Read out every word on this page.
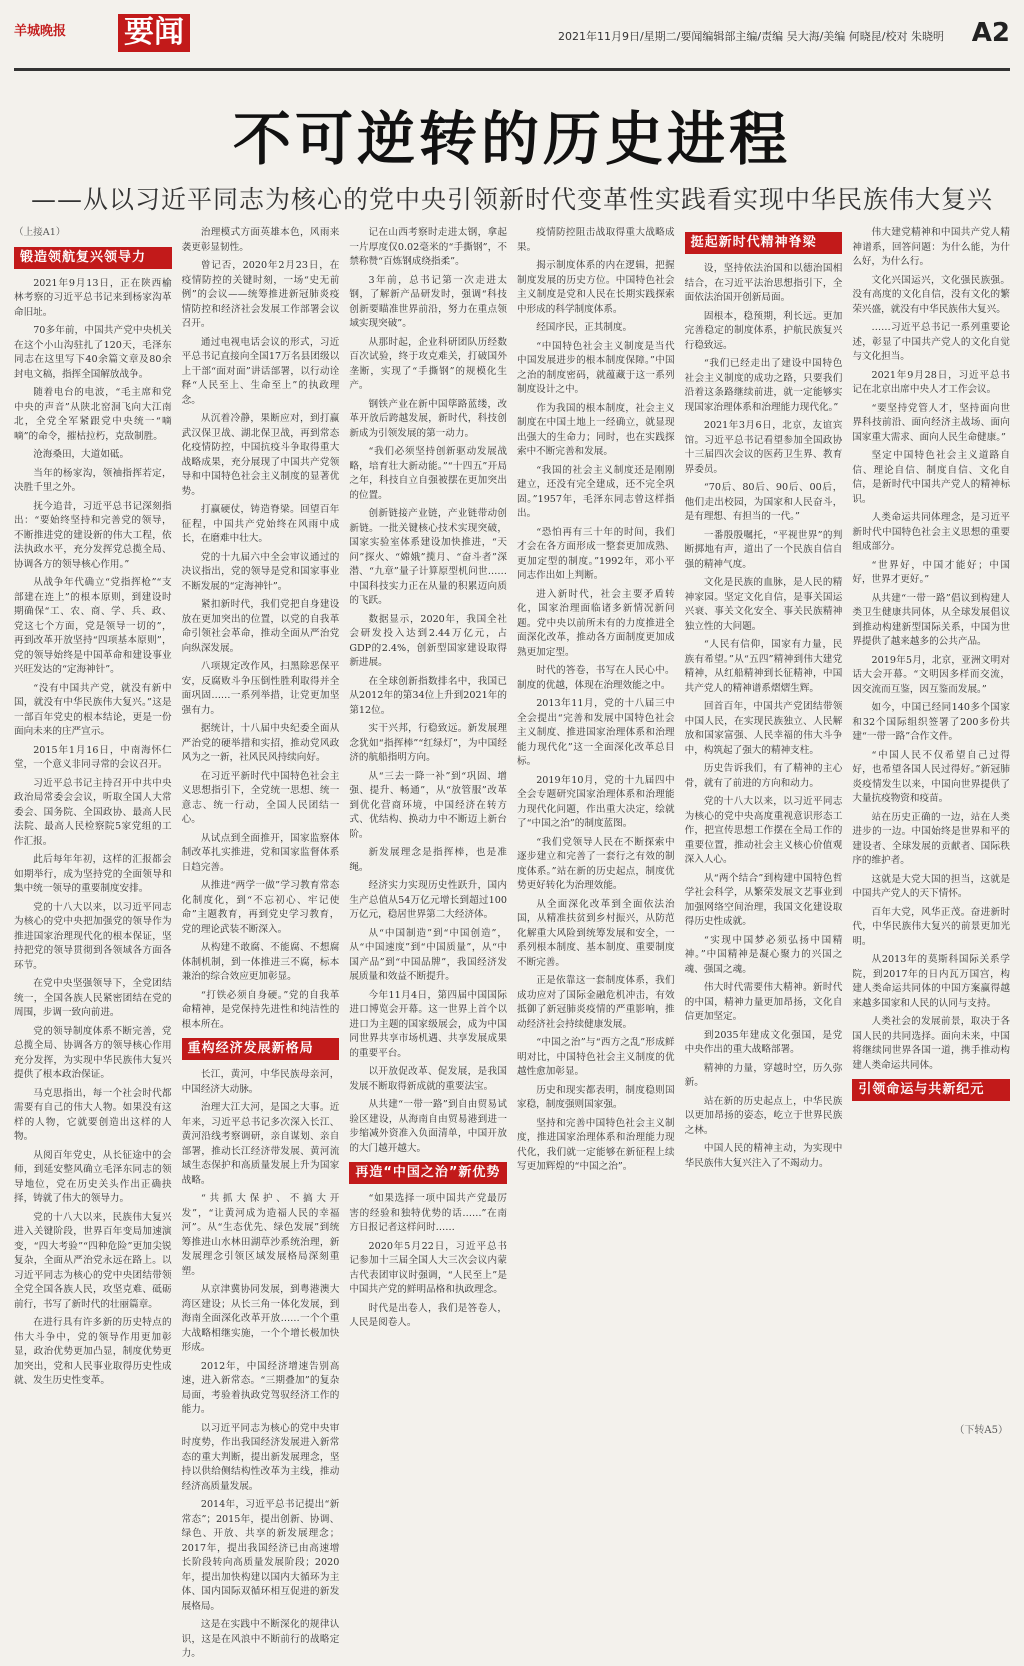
羊城晚报 要闻	2021年11月9日/星期二/要闻编辑部主编/责编 吴大海/美编 何晓昆/校对 朱晓明 A2
不可逆转的历史进程
——从以习近平同志为核心的党中央引领新时代变革性实践看实现中华民族伟大复兴

（上接A1）

锻造领航复兴领导力

2021年9月13日，正在陕西榆林考察的习近平总书记来到杨家沟革命旧址。

70多年前，中国共产党中央机关在这个小山沟驻扎了120天，毛泽东同志在这里写下40余篇文章及80余封电文稿，指挥全国解放战争。

随着电台的电波，“毛主席和党中央的声音”从陕北窑洞飞向大江南北，全党全军紧跟党中央统一“嘀嘀”的命令，摧枯拉朽，克敌制胜。

沧海桑田，大道如砥。

当年的杨家沟，领袖指挥若定，决胜千里之外。

抚今追昔，习近平总书记深刻指出：“要始终坚持和完善党的领导，不断推进党的建设新的伟大工程，依法执政水平，充分发挥党总揽全局、协调各方的领导核心作用。”

从战争年代确立“党指挥枪”“支部建在连上”的根本原则，到建设时期确保“工、农、商、学、兵、政、党这七个方面，党是领导一切的”，再到改革开放坚持“四项基本原则”，党的领导始终是中国革命和建设事业兴旺发达的“定海神针”。

“没有中国共产党，就没有新中国，就没有中华民族伟大复兴。”这是一部百年党史的根本结论，更是一份面向未来的庄严宣示。

2015年1月16日，中南海怀仁堂，一个意义非同寻常的会议召开。

习近平总书记主持召开中共中央政治局常委会会议，听取全国人大常委会、国务院、全国政协、最高人民法院、最高人民检察院5家党组的工作汇报。

此后每年年初，这样的汇报都会如期举行，成为坚持党的全面领导和集中统一领导的重要制度安排。

党的十八大以来，以习近平同志为核心的党中央把加强党的领导作为推进国家治理现代化的根本保证，坚持把党的领导贯彻到各领域各方面各环节。

在党中央坚强领导下，全党团结统一，全国各族人民紧密团结在党的周围，步调一致向前进。

党的领导制度体系不断完善，党总揽全局、协调各方的领导核心作用充分发挥，为实现中华民族伟大复兴提供了根本政治保证。

马克思指出，每一个社会时代都需要有自己的伟大人物。如果没有这样的人物，它就要创造出这样的人物。

从阅百年党史，从长征途中的会师，到延安整风确立毛泽东同志的领导地位，党在历史关头作出正确抉择，铸就了伟大的领导力。

党的十八大以来，民族伟大复兴进入关键阶段，世界百年变局加速演变，“四大考验”“四种危险”更加尖锐复杂，全面从严治党永远在路上。以习近平同志为核心的党中央团结带领全党全国各族人民，攻坚克难、砥砺前行，书写了新时代的壮丽篇章。

在进行具有许多新的历史特点的伟大斗争中，党的领导作用更加彰显，政治优势更加凸显，制度优势更加突出，党和人民事业取得历史性成就、发生历史性变革。

治理模式方面英雄本色，风雨来袭更彰显韧性。

曾记否，2020年2月23日，在疫情防控的关键时刻，一场“史无前例”的会议——统筹推进新冠肺炎疫情防控和经济社会发展工作部署会议召开。

通过电视电话会议的形式，习近平总书记直接向全国17万名县团级以上干部“面对面”讲话部署，以行动诠释“人民至上、生命至上”的执政理念。

从沉着冷静，果断应对，到打赢武汉保卫战、湖北保卫战，再到常态化疫情防控，中国抗疫斗争取得重大战略成果，充分展现了中国共产党领导和中国特色社会主义制度的显著优势。

打赢硬仗，铸造脊梁。回望百年征程，中国共产党始终在风雨中成长，在磨难中壮大。

党的十九届六中全会审议通过的决议指出，党的领导是党和国家事业不断发展的“定海神针”。

紧扣新时代，我们党把自身建设放在更加突出的位置，以党的自我革命引领社会革命，推动全面从严治党向纵深发展。

八项规定改作风，扫黑除恶保平安，反腐败斗争压倒性胜利取得并全面巩固……一系列举措，让党更加坚强有力。

据统计，十八届中央纪委全面从严治党的硬举措和实招，推动党风政风为之一新，社风民风持续向好。

在习近平新时代中国特色社会主义思想指引下，全党统一思想、统一意志、统一行动，全国人民团结一心。

从试点到全面推开，国家监察体制改革扎实推进，党和国家监督体系日趋完善。

从推进“两学一做”学习教育常态化制度化，到“不忘初心、牢记使命”主题教育，再到党史学习教育，党的理论武装不断深入。

从构建不敢腐、不能腐、不想腐体制机制，到一体推进三不腐，标本兼治的综合效应更加彰显。

“打铁必须自身硬。”党的自我革命精神，是党保持先进性和纯洁性的根本所在。

重构经济发展新格局

长江，黄河，中华民族母亲河，中国经济大动脉。

治理大江大河，是国之大事。近年来，习近平总书记多次深入长江、黄河沿线考察调研，亲自谋划、亲自部署，推动长江经济带发展、黄河流域生态保护和高质量发展上升为国家战略。

“共抓大保护、不搞大开发”，“让黄河成为造福人民的幸福河”。从“生态优先、绿色发展”到统筹推进山水林田湖草沙系统治理，新发展理念引领区域发展格局深刻重塑。

从京津冀协同发展，到粤港澳大湾区建设；从长三角一体化发展，到海南全面深化改革开放……一个个重大战略相继实施，一个个增长极加快形成。

2012年，中国经济增速告别高速，进入新常态。“三期叠加”的复杂局面，考验着执政党驾驭经济工作的能力。

以习近平同志为核心的党中央审时度势，作出我国经济发展进入新常态的重大判断，提出新发展理念，坚持以供给侧结构性改革为主线，推动经济高质量发展。

2014年，习近平总书记提出“新常态”；2015年，提出创新、协调、绿色、开放、共享的新发展理念；2017年，提出我国经济已由高速增长阶段转向高质量发展阶段；2020年，提出加快构建以国内大循环为主体、国内国际双循环相互促进的新发展格局。

这是在实践中不断深化的规律认识，这是在风浪中不断前行的战略定力。

记在山西考察时走进太钢，拿起一片厚度仅0.02毫米的“手撕钢”，不禁称赞“百炼钢成绕指柔”。

3年前，总书记第一次走进太钢，了解新产品研发时，强调“科技创新要瞄准世界前沿，努力在重点领域实现突破”。

从那时起，企业科研团队历经数百次试验，终于攻克难关，打破国外垄断，实现了“手撕钢”的规模化生产。

钢铁产业在新中国筚路蓝缕，改革开放后跨越发展，新时代，科技创新成为引领发展的第一动力。

“我们必须坚持创新驱动发展战略，培育壮大新动能。”“十四五”开局之年，科技自立自强被摆在更加突出的位置。

创新链接产业链，产业链带动创新链。一批关键核心技术实现突破，国家实验室体系建设加快推进，“天问”探火、“嫦娥”揽月、“奋斗者”深潜、“九章”量子计算原型机问世……中国科技实力正在从量的积累迈向质的飞跃。

数据显示，2020年，我国全社会研发投入达到2.44万亿元，占GDP的2.4%，创新型国家建设取得新进展。

在全球创新指数排名中，我国已从2012年的第34位上升到2021年的第12位。

实干兴邦，行稳致远。新发展理念犹如“指挥棒”“红绿灯”，为中国经济的航船指明方向。

从“三去一降一补”到“巩固、增强、提升、畅通”，从“放管服”改革到优化营商环境，中国经济在转方式、优结构、换动力中不断迈上新台阶。

新发展理念是指挥棒，也是准绳。

经济实力实现历史性跃升，国内生产总值从54万亿元增长到超过100万亿元，稳居世界第二大经济体。

从“中国制造”到“中国创造”，从“中国速度”到“中国质量”，从“中国产品”到“中国品牌”，我国经济发展质量和效益不断提升。

今年11月4日，第四届中国国际进口博览会开幕。这一世界上首个以进口为主题的国家级展会，成为中国同世界共享市场机遇、共享发展成果的重要平台。

以开放促改革、促发展，是我国发展不断取得新成就的重要法宝。

从共建“一带一路”到自由贸易试验区建设，从海南自由贸易港到进一步缩减外资准入负面清单，中国开放的大门越开越大。

再造“中国之治”新优势

“如果选择一项中国共产党最厉害的经验和独特优势的话……”在南方日报记者这样问时……

2020年5月22日，习近平总书记参加十三届全国人大三次会议内蒙古代表团审议时强调，“人民至上”是中国共产党的鲜明品格和执政理念。

时代是出卷人，我们是答卷人，人民是阅卷人。

疫情防控阻击战取得重大战略成果。

揭示制度体系的内在逻辑，把握制度发展的历史方位。中国特色社会主义制度是党和人民在长期实践探索中形成的科学制度体系。

经国序民，正其制度。

“中国特色社会主义制度是当代中国发展进步的根本制度保障。”中国之治的制度密码，就蕴藏于这一系列制度设计之中。

作为我国的根本制度，社会主义制度在中国土地上一经确立，就显现出强大的生命力；同时，也在实践探索中不断完善和发展。

“我国的社会主义制度还是刚刚建立，还没有完全建成，还不完全巩固。”1957年，毛泽东同志曾这样指出。

“恐怕再有三十年的时间，我们才会在各方面形成一整套更加成熟、更加定型的制度。”1992年，邓小平同志作出如上判断。

进入新时代，社会主要矛盾转化，国家治理面临诸多新情况新问题。党中央以前所未有的力度推进全面深化改革，推动各方面制度更加成熟更加定型。

时代的答卷，书写在人民心中。制度的优越，体现在治理效能之中。

2013年11月，党的十八届三中全会提出“完善和发展中国特色社会主义制度、推进国家治理体系和治理能力现代化”这一全面深化改革总目标。

2019年10月，党的十九届四中全会专题研究国家治理体系和治理能力现代化问题，作出重大决定，绘就了“中国之治”的制度蓝图。

“我们党领导人民在不断探索中逐步建立和完善了一套行之有效的制度体系。”站在新的历史起点，制度优势更好转化为治理效能。

从全面深化改革到全面依法治国，从精准扶贫到乡村振兴，从防范化解重大风险到统筹发展和安全，一系列根本制度、基本制度、重要制度不断完善。

正是依靠这一套制度体系，我们成功应对了国际金融危机冲击，有效抵御了新冠肺炎疫情的严重影响，推动经济社会持续健康发展。

“中国之治”与“西方之乱”形成鲜明对比，中国特色社会主义制度的优越性愈加彰显。

历史和现实都表明，制度稳则国家稳，制度强则国家强。

坚持和完善中国特色社会主义制度，推进国家治理体系和治理能力现代化，我们就一定能够在新征程上续写更加辉煌的“中国之治”。

挺起新时代精神脊梁

设，坚持依法治国和以德治国相结合，在习近平法治思想指引下，全面依法治国开创新局面。

固根本，稳预期，利长远。更加完善稳定的制度体系，护航民族复兴行稳致远。

“我们已经走出了建设中国特色社会主义制度的成功之路，只要我们沿着这条路继续前进，就一定能够实现国家治理体系和治理能力现代化。”

2021年3月6日，北京，友谊宾馆。习近平总书记看望参加全国政协十三届四次会议的医药卫生界、教育界委员。

“70后、80后、90后、00后，他们走出校园，为国家和人民奋斗，是有理想、有担当的一代。”

一番殷殷嘱托，“平视世界”的判断掷地有声，道出了一个民族自信自强的精神气度。

文化是民族的血脉，是人民的精神家园。坚定文化自信，是事关国运兴衰、事关文化安全、事关民族精神独立性的大问题。

“人民有信仰，国家有力量，民族有希望。”从“五四”精神到伟大建党精神，从红船精神到长征精神，中国共产党人的精神谱系熠熠生辉。

回首百年，中国共产党团结带领中国人民，在实现民族独立、人民解放和国家富强、人民幸福的伟大斗争中，构筑起了强大的精神支柱。

历史告诉我们，有了精神的主心骨，就有了前进的方向和动力。

党的十八大以来，以习近平同志为核心的党中央高度重视意识形态工作，把宣传思想工作摆在全局工作的重要位置，推动社会主义核心价值观深入人心。

从“两个结合”到构建中国特色哲学社会科学，从繁荣发展文艺事业到加强网络空间治理，我国文化建设取得历史性成就。

“实现中国梦必须弘扬中国精神。”中国精神是凝心聚力的兴国之魂、强国之魂。

伟大时代需要伟大精神。新时代的中国，精神力量更加昂扬，文化自信更加坚定。

到2035年建成文化强国，是党中央作出的重大战略部署。

精神的力量，穿越时空，历久弥新。

站在新的历史起点上，中华民族以更加昂扬的姿态，屹立于世界民族之林。

中国人民的精神主动，为实现中华民族伟大复兴注入了不竭动力。

伟大建党精神和中国共产党人精神谱系，回答问题：为什么能，为什么好，为什么行。

文化兴国运兴，文化强民族强。没有高度的文化自信，没有文化的繁荣兴盛，就没有中华民族伟大复兴。

……习近平总书记一系列重要论述，彰显了中国共产党人的文化自觉与文化担当。

2021年9月28日，习近平总书记在北京出席中央人才工作会议。

“要坚持党管人才，坚持面向世界科技前沿、面向经济主战场、面向国家重大需求、面向人民生命健康。”

坚定中国特色社会主义道路自信、理论自信、制度自信、文化自信，是新时代中国共产党人的精神标识。

人类命运共同体理念，是习近平新时代中国特色社会主义思想的重要组成部分。

“世界好，中国才能好；中国好，世界才更好。”

从共建“一带一路”倡议到构建人类卫生健康共同体，从全球发展倡议到推动构建新型国际关系，中国为世界提供了越来越多的公共产品。

2019年5月，北京，亚洲文明对话大会开幕。“文明因多样而交流，因交流而互鉴，因互鉴而发展。”

如今，中国已经同140多个国家和32个国际组织签署了200多份共建“一带一路”合作文件。

“中国人民不仅希望自己过得好，也希望各国人民过得好。”新冠肺炎疫情发生以来，中国向世界提供了大量抗疫物资和疫苗。

站在历史正确的一边，站在人类进步的一边。中国始终是世界和平的建设者、全球发展的贡献者、国际秩序的维护者。

这就是大党大国的担当，这就是中国共产党人的天下情怀。

百年大党，风华正茂。奋进新时代，中华民族伟大复兴的前景更加光明。

从2013年的莫斯科国际关系学院，到2017年的日内瓦万国宫，构建人类命运共同体的中国方案赢得越来越多国家和人民的认同与支持。

人类社会的发展前景，取决于各国人民的共同选择。面向未来，中国将继续同世界各国一道，携手推动构建人类命运共同体。

引领命运与共新纪元
（下转A5）
